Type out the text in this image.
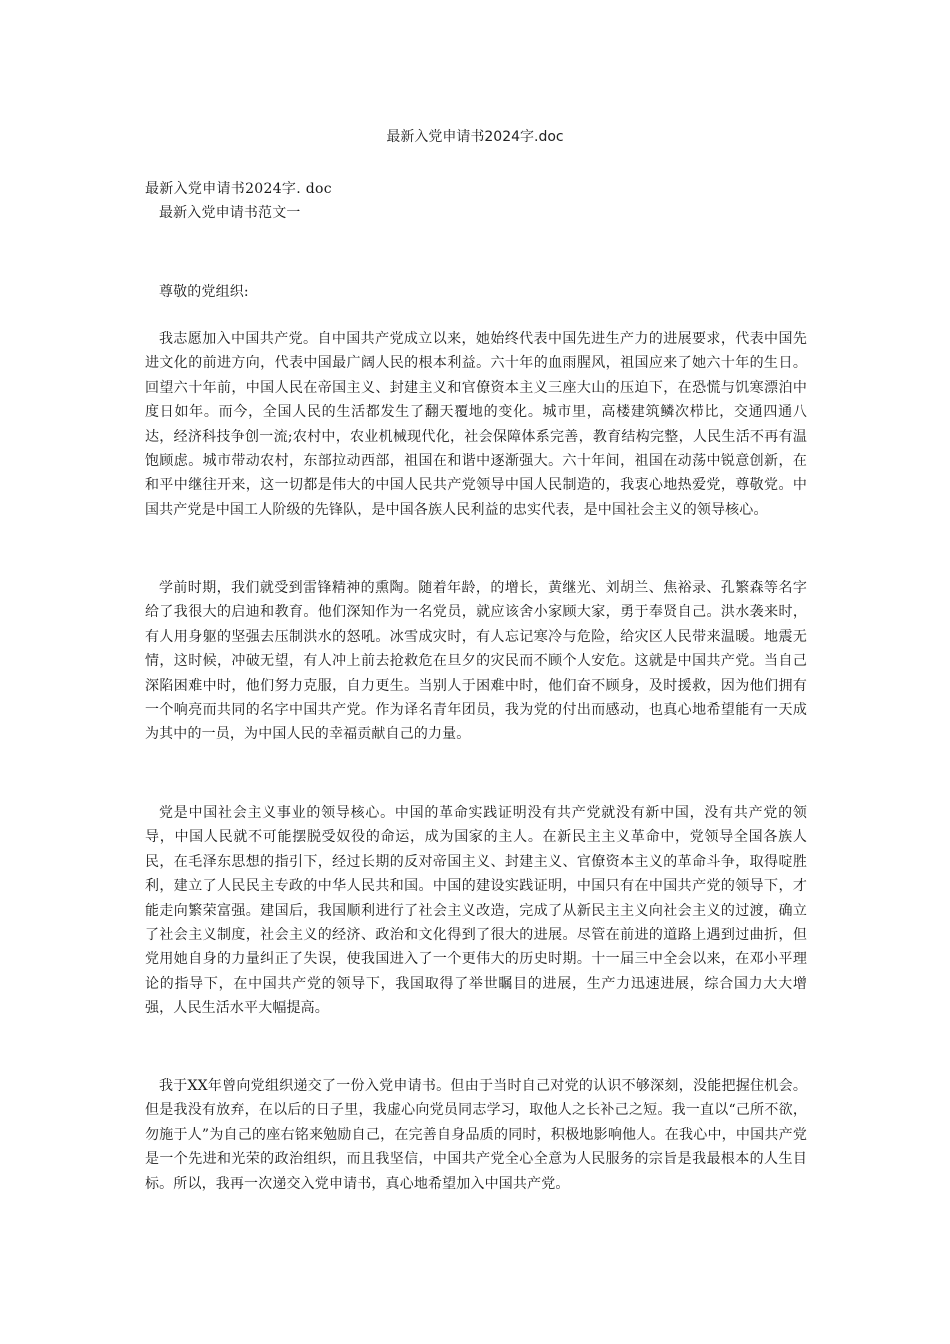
最新入党申请书2024字.doc
最新入党申请书2024字. doc
最新入党申请书范文一
尊敬的党组织:

我志愿加入中国共产党。自中国共产党成立以来，她始终代表中国先进生产力的进展要求，代表中国先进文化的前进方向，代表中国最广阔人民的根本利益。六十年的血雨腥风，祖国应来了她六十年的生日。回望六十年前，中国人民在帝国主义、封建主义和官僚资本主义三座大山的压迫下，在恐慌与饥寒漂泊中度日如年。而今，全国人民的生活都发生了翻天覆地的变化。城市里，高楼建筑鳞次栉比，交通四通八达，经济科技争创一流;农村中，农业机械现代化，社会保障体系完善，教育结构完整，人民生活不再有温饱顾虑。城市带动农村，东部拉动西部，祖国在和谐中逐渐强大。六十年间，祖国在动荡中锐意创新，在和平中继往开来，这一切都是伟大的中国人民共产党领导中国人民制造的，我衷心地热爱党，尊敬党。中国共产党是中国工人阶级的先锋队，是中国各族人民利益的忠实代表，是中国社会主义的领导核心。

学前时期，我们就受到雷锋精神的熏陶。随着年龄，的增长，黄继光、刘胡兰、焦裕录、孔繁森等名字给了我很大的启迪和教育。他们深知作为一名党员，就应该舍小家顾大家，勇于奉贤自己。洪水袭来时，有人用身躯的坚强去压制洪水的怒吼。冰雪成灾时，有人忘记寒冷与危险，给灾区人民带来温暖。地震无情，这时候，冲破无望，有人冲上前去抢救危在旦夕的灾民而不顾个人安危。这就是中国共产党。当自己深陷困难中时，他们努力克服，自力更生。当别人于困难中时，他们奋不顾身，及时援救，因为他们拥有一个响亮而共同的名字中国共产党。作为译名青年团员，我为党的付出而感动，也真心地希望能有一天成为其中的一员，为中国人民的幸福贡献自己的力量。

党是中国社会主义事业的领导核心。中国的革命实践证明没有共产党就没有新中国，没有共产党的领导，中国人民就不可能摆脱受奴役的命运，成为国家的主人。在新民主主义革命中，党领导全国各族人民，在毛泽东思想的指引下，经过长期的反对帝国主义、封建主义、官僚资本主义的革命斗争，取得啶胜利，建立了人民民主专政的中华人民共和国。中国的建设实践证明，中国只有在中国共产党的领导下，才能走向繁荣富强。建国后，我国顺利进行了社会主义改造，完成了从新民主主义向社会主义的过渡，确立了社会主义制度，社会主义的经济、政治和文化得到了很大的进展。尽管在前进的道路上遇到过曲折，但党用她自身的力量纠正了失误，使我国进入了一个更伟大的历史时期。十一届三中全会以来，在邓小平理论的指导下，在中国共产党的领导下，我国取得了举世瞩目的进展，生产力迅速进展，综合国力大大增强，人民生活水平大幅提高。

我于XX年曾向党组织递交了一份入党申请书。但由于当时自己对党的认识不够深刻，没能把握住机会。但是我没有放弃，在以后的日子里，我虚心向党员同志学习，取他人之长补己之短。我一直以“己所不欲，勿施于人”为自己的座右铭来勉励自己，在完善自身品质的同时，积极地影响他人。在我心中，中国共产党是一个先进和光荣的政治组织，而且我坚信，中国共产党全心全意为人民服务的宗旨是我最根本的人生目标。所以，我再一次递交入党申请书，真心地希望加入中国共产党。
